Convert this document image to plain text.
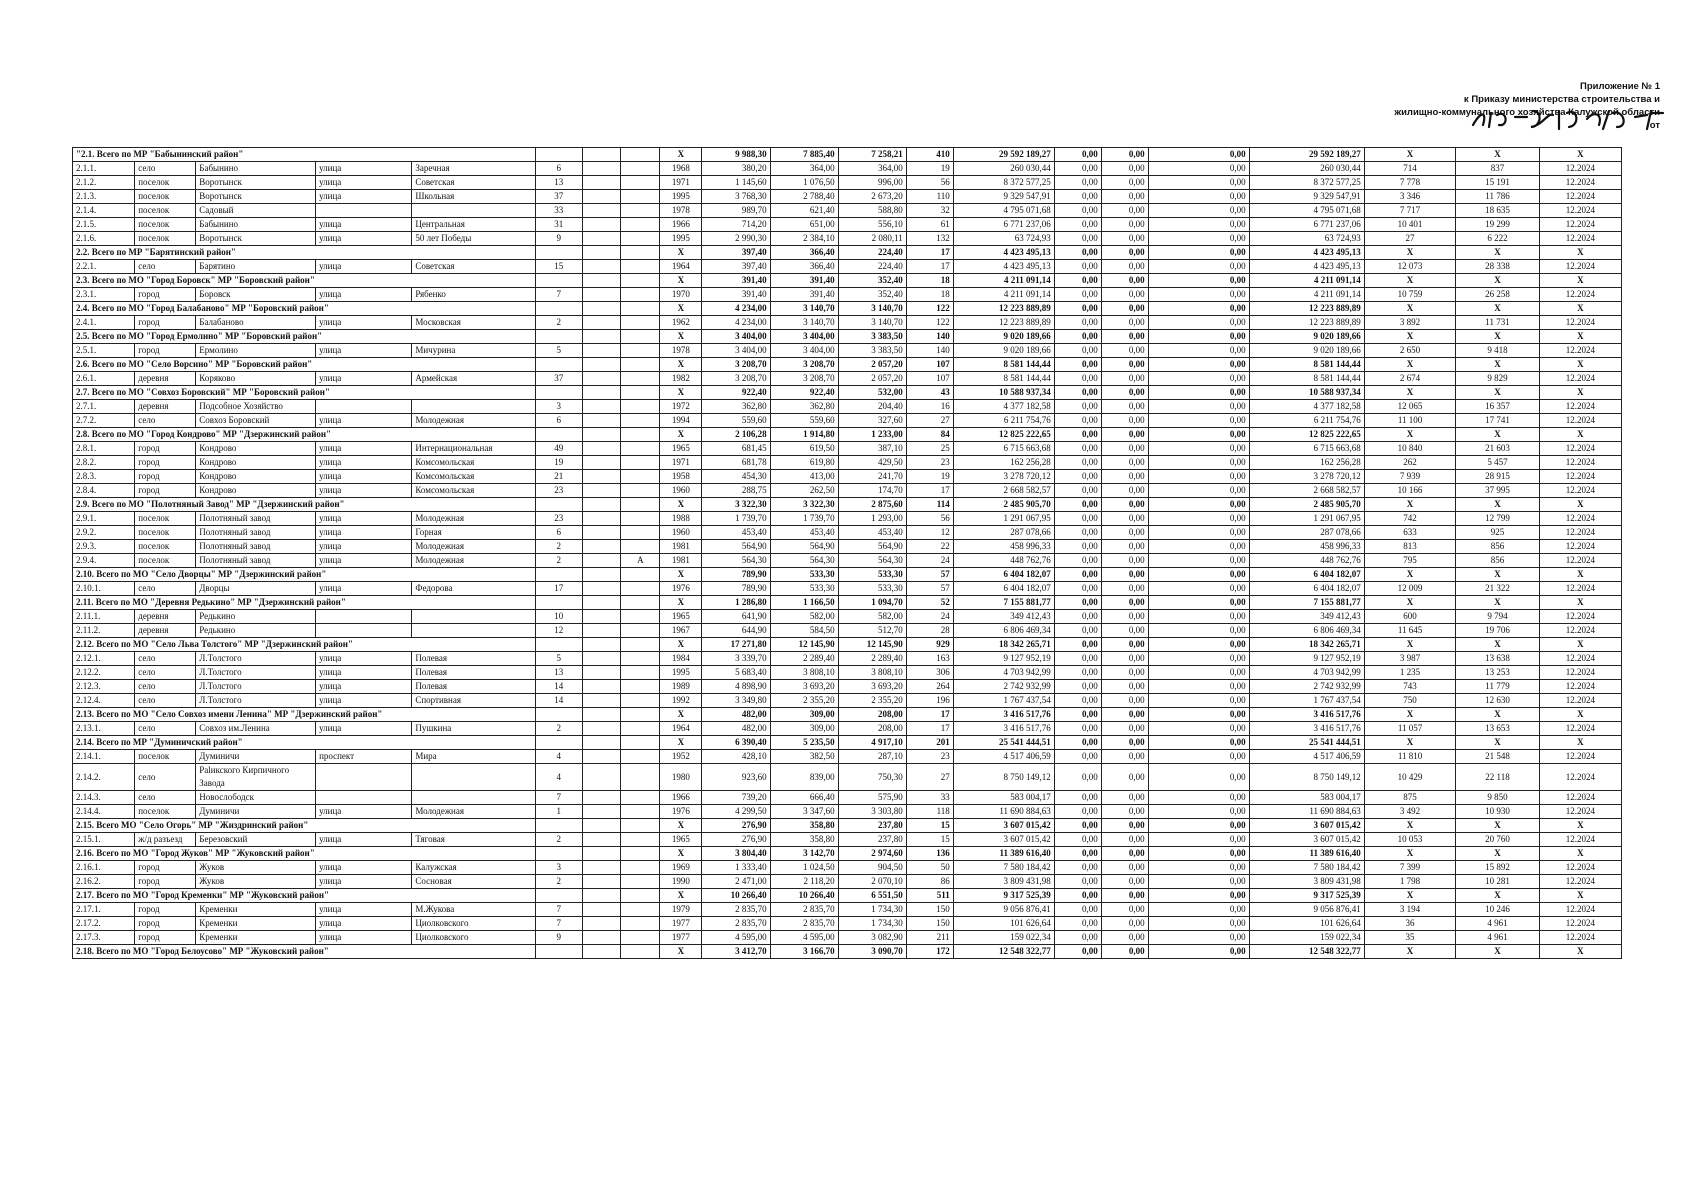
Приложение № 1
к Приказу министерства строительства и
жилищно-коммунального хозяйства Калужской области
от
"2.1. Всего по МР "Бабынинский район"								X	9 988,30	7 885,40	7 258,21	410	29 592 189,27	0,00	0,00	0,00	29 592 189,27	X	X	X
2.1.1.	село	Бабынино	улица	Заречная	6			1968	380,20	364,00	364,00	19	260 030,44	0,00	0,00	0,00	260 030,44	714	837	12.2024
2.1.2.	поселок	Воротынск	улица	Советская	13			1971	1 145,60	1 076,50	996,00	56	8 372 577,25	0,00	0,00	0,00	8 372 577,25	7 778	15 191	12.2024
2.1.3.	поселок	Воротынск	улица	Школьная	37			1995	3 768,30	2 788,40	2 673,20	110	9 329 547,91	0,00	0,00	0,00	9 329 547,91	3 346	11 786	12.2024
2.1.4.	поселок	Садовый			33			1978	989,70	621,40	588,80	32	4 795 071,68	0,00	0,00	0,00	4 795 071,68	7 717	18 635	12.2024
2.1.5.	поселок	Бабынино	улица	Центральная	31			1966	714,20	651,00	556,10	61	6 771 237,06	0,00	0,00	0,00	6 771 237,06	10 401	19 299	12.2024
2.1.6.	поселок	Воротынск	улица	50 лет Победы	9			1995	2 990,30	2 384,10	2 080,11	132	63 724,93	0,00	0,00	0,00	63 724,93	27	6 222	12.2024
2.2. Всего по МР "Барятинский район"								X	397,40	366,40	224,40	17	4 423 495,13	0,00	0,00	0,00	4 423 495,13	X	X	X
2.2.1.	село	Барятино	улица	Советская	15			1964	397,40	366,40	224,40	17	4 423 495,13	0,00	0,00	0,00	4 423 495,13	12 073	28 338	12.2024
2.3. Всего по МО "Город Боровск" МР "Боровский район"								X	391,40	391,40	352,40	18	4 211 091,14	0,00	0,00	0,00	4 211 091,14	X	X	X
2.3.1.	город	Боровск	улица	Рябенко	7			1970	391,40	391,40	352,40	18	4 211 091,14	0,00	0,00	0,00	4 211 091,14	10 759	26 258	12.2024
2.4. Всего по МО "Город Балабаново" МР "Боровский район"								X	4 234,00	3 140,70	3 140,70	122	12 223 889,89	0,00	0,00	0,00	12 223 889,89	X	X	X
2.4.1.	город	Балабаново	улица	Московская	2			1962	4 234,00	3 140,70	3 140,70	122	12 223 889,89	0,00	0,00	0,00	12 223 889,89	3 892	11 731	12.2024
2.5. Всего по МО "Город Ермолино" МР "Боровский район"								X	3 404,00	3 404,00	3 383,50	140	9 020 189,66	0,00	0,00	0,00	9 020 189,66	X	X	X
2.5.1.	город	Ермолино	улица	Мичурина	5			1978	3 404,00	3 404,00	3 383,50	140	9 020 189,66	0,00	0,00	0,00	9 020 189,66	2 650	9 418	12.2024
2.6. Всего по МО "Село Ворсино" МР "Боровский район"								X	3 208,70	3 208,70	2 057,20	107	8 581 144,44	0,00	0,00	0,00	8 581 144,44	X	X	X
2.6.1.	деревня	Коряково	улица	Армейская	37			1982	3 208,70	3 208,70	2 057,20	107	8 581 144,44	0,00	0,00	0,00	8 581 144,44	2 674	9 829	12.2024
2.7. Всего по МО "Совхоз Боровский" МР "Боровский район"								X	922,40	922,40	532,00	43	10 588 937,34	0,00	0,00	0,00	10 588 937,34	X	X	X
2.7.1.	деревня	Подсобное Хозяйство			3			1972	362,80	362,80	204,40	16	4 377 182,58	0,00	0,00	0,00	4 377 182,58	12 065	16 357	12.2024
2.7.2.	село	Совхоз Боровский	улица	Молодежная	6			1994	559,60	559,60	327,60	27	6 211 754,76	0,00	0,00	0,00	6 211 754,76	11 100	17 741	12.2024
2.8. Всего по МО "Город Кондрово" МР "Дзержинский район"								X	2 106,28	1 914,80	1 233,00	84	12 825 222,65	0,00	0,00	0,00	12 825 222,65	X	X	X
2.8.1.	город	Кондрово	улица	Интернациональная	49			1965	681,45	619,50	387,10	25	6 715 663,68	0,00	0,00	0,00	6 715 663,68	10 840	21 603	12.2024
2.8.2.	город	Кондрово	улица	Комсомольская	19			1971	681,78	619,80	429,50	23	162 256,28	0,00	0,00	0,00	162 256,28	262	5 457	12.2024
2.8.3.	город	Кондрово	улица	Комсомольская	21			1958	454,30	413,00	241,70	19	3 278 720,12	0,00	0,00	0,00	3 278 720,12	7 939	28 915	12.2024
2.8.4.	город	Кондрово	улица	Комсомольская	23			1960	288,75	262,50	174,70	17	2 668 582,57	0,00	0,00	0,00	2 668 582,57	10 166	37 995	12.2024
2.9. Всего по МО "Полотняный Завод" МР "Дзержинский район"								X	3 322,30	3 322,30	2 875,60	114	2 485 905,70	0,00	0,00	0,00	2 485 905,70	X	X	X
2.9.1.	поселок	Полотняный завод	улица	Молодежная	23			1988	1 739,70	1 739,70	1 293,00	56	1 291 067,95	0,00	0,00	0,00	1 291 067,95	742	12 799	12.2024
2.9.2.	поселок	Полотняный завод	улица	Горная	6			1960	453,40	453,40	453,40	12	287 078,66	0,00	0,00	0,00	287 078,66	633	925	12.2024
2.9.3.	поселок	Полотняный завод	улица	Молодежная	2			1981	564,90	564,90	564,90	22	458 996,33	0,00	0,00	0,00	458 996,33	813	856	12.2024
2.9.4.	поселок	Полотняный завод	улица	Молодежная	2		А	1981	564,30	564,30	564,30	24	448 762,76	0,00	0,00	0,00	448 762,76	795	856	12.2024
2.10. Всего по МО "Село Дворцы" МР "Дзержинский район"								X	789,90	533,30	533,30	57	6 404 182,07	0,00	0,00	0,00	6 404 182,07	X	X	X
2.10.1.	село	Дворцы	улица	Федорова	17			1976	789,90	533,30	533,30	57	6 404 182,07	0,00	0,00	0,00	6 404 182,07	12 009	21 322	12.2024
2.11. Всего по МО "Деревня Редькино" МР "Дзержинский район"								X	1 286,80	1 166,50	1 094,70	52	7 155 881,77	0,00	0,00	0,00	7 155 881,77	X	X	X
2.11.1.	деревня	Редькино			10			1965	641,90	582,00	582,00	24	349 412,43	0,00	0,00	0,00	349 412,43	600	9 794	12.2024
2.11.2.	деревня	Редькино			12			1967	644,90	584,50	512,70	28	6 806 469,34	0,00	0,00	0,00	6 806 469,34	11 645	19 706	12.2024
2.12. Всего по МО "Село Льва Толстого" МР "Дзержинский район"								X	17 271,80	12 145,90	12 145,90	929	18 342 265,71	0,00	0,00	0,00	18 342 265,71	X	X	X
2.12.1.	село	Л.Толстого	улица	Полевая	5			1984	3 339,70	2 289,40	2 289,40	163	9 127 952,19	0,00	0,00	0,00	9 127 952,19	3 987	13 638	12.2024
2.12.2.	село	Л.Толстого	улица	Полевая	13			1995	5 683,40	3 808,10	3 808,10	306	4 703 942,99	0,00	0,00	0,00	4 703 942,99	1 235	13 253	12.2024
2.12.3.	село	Л.Толстого	улица	Полевая	14			1989	4 898,90	3 693,20	3 693,20	264	2 742 932,99	0,00	0,00	0,00	2 742 932,99	743	11 779	12.2024
2.12.4.	село	Л.Толстого	улица	Спортивная	14			1992	3 349,80	2 355,20	2 355,20	196	1 767 437,54	0,00	0,00	0,00	1 767 437,54	750	12 630	12.2024
2.13. Всего по МО "Село Совхоз имени Ленина" МР "Дзержинский район"								X	482,00	309,00	208,00	17	3 416 517,76	0,00	0,00	0,00	3 416 517,76	X	X	X
2.13.1.	село	Совхоз им.Ленина	улица	Пушкина	2			1964	482,00	309,00	208,00	17	3 416 517,76	0,00	0,00	0,00	3 416 517,76	11 057	13 653	12.2024
2.14. Всего по МР "Думиничский район"								X	6 390,40	5 235,50	4 917,10	201	25 541 444,51	0,00	0,00	0,00	25 541 444,51	X	X	X
2.14.1.	поселок	Думиничи	проспект	Мира	4			1952	428,10	382,50	287,10	23	4 517 406,59	0,00	0,00	0,00	4 517 406,59	11 810	21 548	12.2024
2.14.2.	село	Palикского Кирпичного Завода			4			1980	923,60	839,00	750,30	27	8 750 149,12	0,00	0,00	0,00	8 750 149,12	10 429	22 118	12.2024
2.14.3.	село	Новослободск			7			1966	739,20	666,40	575,90	33	583 004,17	0,00	0,00	0,00	583 004,17	875	9 850	12.2024
2.14.4.	поселок	Думиничи	улица	Молодежная	1			1976	4 299,50	3 347,60	3 303,80	118	11 690 884,63	0,00	0,00	0,00	11 690 884,63	3 492	10 930	12.2024
2.15. Всего МО "Село Огорь" МР "Жиздринский район"								X	276,90	358,80	237,80	15	3 607 015,42	0,00	0,00	0,00	3 607 015,42	X	X	X
2.15.1.	ж/д разъезд	Березовский	улица	Тяговая	2			1965	276,90	358,80	237,80	15	3 607 015,42	0,00	0,00	0,00	3 607 015,42	10 053	20 760	12.2024
2.16. Всего по МО "Город Жуков" МР "Жуковский район"								X	3 804,40	3 142,70	2 974,60	136	11 389 616,40	0,00	0,00	0,00	11 389 616,40	X	X	X
2.16.1.	город	Жуков	улица	Калужская	3			1969	1 333,40	1 024,50	904,50	50	7 580 184,42	0,00	0,00	0,00	7 580 184,42	7 399	15 892	12.2024
2.16.2.	город	Жуков	улица	Сосновая	2			1990	2 471,00	2 118,20	2 070,10	86	3 809 431,98	0,00	0,00	0,00	3 809 431,98	1 798	10 281	12.2024
2.17. Всего по МО "Город Кременки" МР "Жуковский район"								X	10 266,40	10 266,40	6 551,50	511	9 317 525,39	0,00	0,00	0,00	9 317 525,39	X	X	X
2.17.1.	город	Кременки	улица	М.Жукова	7			1979	2 835,70	2 835,70	1 734,30	150	9 056 876,41	0,00	0,00	0,00	9 056 876,41	3 194	10 246	12.2024
2.17.2.	город	Кременки	улица	Циолковского	7			1977	2 835,70	2 835,70	1 734,30	150	101 626,64	0,00	0,00	0,00	101 626,64	36	4 961	12.2024
2.17.3.	город	Кременки	улица	Циолковского	9			1977	4 595,00	4 595,00	3 082,90	211	159 022,34	0,00	0,00	0,00	159 022,34	35	4 961	12.2024
2.18. Всего по МО "Город Белоусово" МР "Жуковский район"								X	3 412,70	3 166,70	3 090,70	172	12 548 322,77	0,00	0,00	0,00	12 548 322,77	X	X	X
